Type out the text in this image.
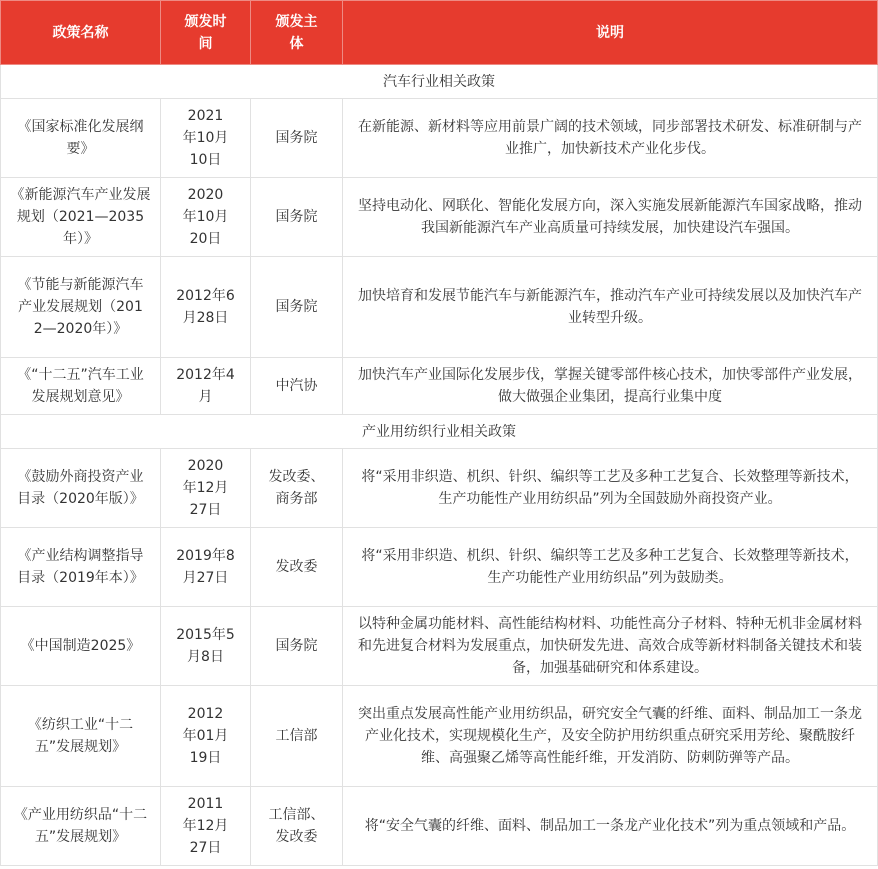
政策名称	颁发时间	颁发主体	说明
汽车行业相关政策			
《国家标准化发展纲要》	2021年10月10日	国务院	在新能源、新材料等应用前景广阔的技术领域，同步部署技术研发、标准研制与产业推广，加快新技术产业化步伐。
《新能源汽车产业发展规划（2021—2035年）》	2020年10月20日	国务院	坚持电动化、网联化、智能化发展方向，深入实施发展新能源汽车国家战略，推动我国新能源汽车产业高质量可持续发展，加快建设汽车强国。
《节能与新能源汽车产业发展规划（2012—2020年）》	2012年6月28日	国务院	加快培育和发展节能汽车与新能源汽车，推动汽车产业可持续发展以及加快汽车产业转型升级。
《“十二五”汽车工业发展规划意见》	2012年4月	中汽协	加快汽车产业国际化发展步伐，掌握关键零部件核心技术，加快零部件产业发展，做大做强企业集团，提高行业集中度
产业用纺织行业相关政策			
《鼓励外商投资产业目录（2020年版）》	2020年12月27日	发改委、商务部	将“采用非织造、机织、针织、编织等工艺及多种工艺复合、长效整理等新技术，生产功能性产业用纺织品”列为全国鼓励外商投资产业。
《产业结构调整指导目录（2019年本）》	2019年8月27日	发改委	将“采用非织造、机织、针织、编织等工艺及多种工艺复合、长效整理等新技术，生产功能性产业用纺织品”列为鼓励类。
《中国制造2025》	2015年5月8日	国务院	以特种金属功能材料、高性能结构材料、功能性高分子材料、特种无机非金属材料和先进复合材料为发展重点，加快研发先进、高效合成等新材料制备关键技术和装备，加强基础研究和体系建设。
《纺织工业“十二五”发展规划》	2012年01月19日	工信部	突出重点发展高性能产业用纺织品，研究安全气囊的纤维、面料、制品加工一条龙产业化技术，实现规模化生产，及安全防护用纺织重点研究采用芳纶、聚酰胺纤维、高强聚乙烯等高性能纤维，开发消防、防刺防弹等产品。
《产业用纺织品“十二五”发展规划》	2011年12月27日	工信部、发改委	将“安全气囊的纤维、面料、制品加工一条龙产业化技术”列为重点领域和产品。
